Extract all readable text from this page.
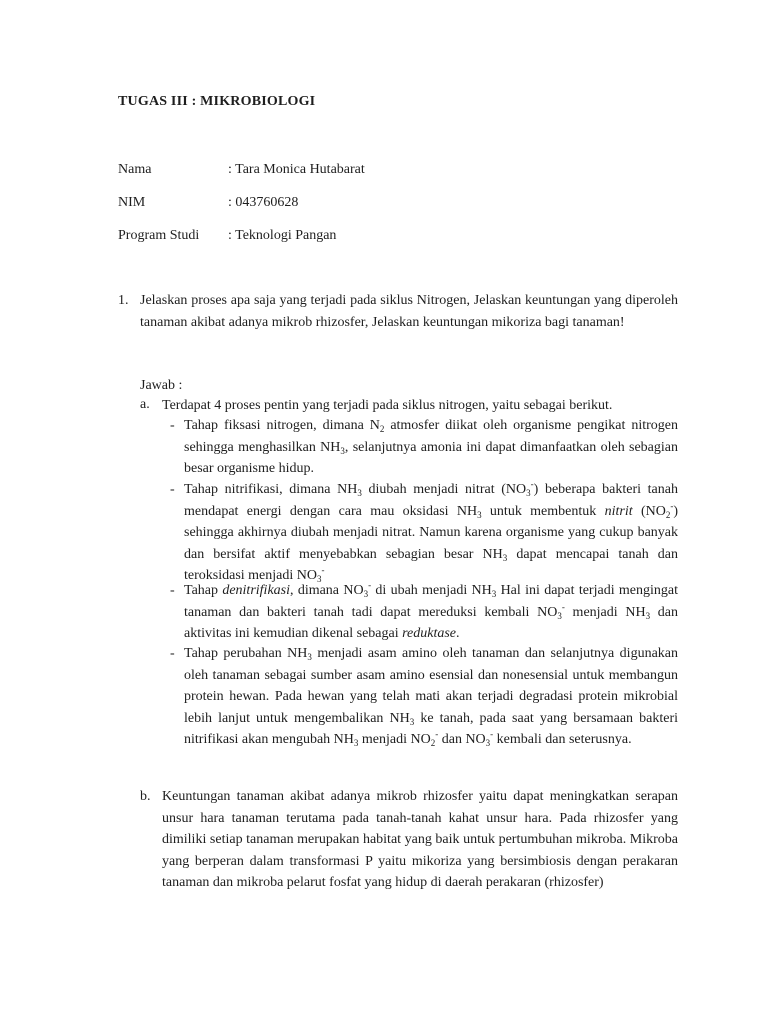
TUGAS III : MIKROBIOLOGI
Nama	: Tara Monica Hutabarat
NIM	: 043760628
Program Studi : Teknologi Pangan
1. Jelaskan proses apa saja yang terjadi pada siklus Nitrogen, Jelaskan keuntungan yang diperoleh tanaman akibat adanya mikrob rhizosfer, Jelaskan keuntungan mikoriza bagi tanaman!
Jawab :
a. Terdapat 4 proses pentin yang terjadi pada siklus nitrogen, yaitu sebagai berikut.
- Tahap fiksasi nitrogen, dimana $N_2$ atmosfer diikat oleh organisme pengikat nitrogen sehingga menghasilkan $NH_3$, selanjutnya amonia ini dapat dimanfaatkan oleh sebagian besar organisme hidup.
- Tahap nitrifikasi, dimana $NH_3$ diubah menjadi nitrat $(NO_3^-)$ beberapa bakteri tanah mendapat energi dengan cara mau oksidasi $NH_3$ untuk membentuk nitrit $(NO_2^-)$ sehingga akhirnya diubah menjadi nitrat. Namun karena organisme yang cukup banyak dan bersifat aktif menyebabkan sebagian besar $NH_3$ dapat mencapai tanah dan teroksidasi menjadi $NO_3^-$
- Tahap denitrifikasi, dimana $NO_3^-$ di ubah menjadi $NH_3$ Hal ini dapat terjadi mengingat tanaman dan bakteri tanah tadi dapat mereduksi kembali $NO_3^-$ menjadi $NH_3$ dan aktivitas ini kemudian dikenal sebagai reduktase.
- Tahap perubahan $NH_3$ menjadi asam amino oleh tanaman dan selanjutnya digunakan oleh tanaman sebagai sumber asam amino esensial dan nonesensial untuk membangun protein hewan. Pada hewan yang telah mati akan terjadi degradasi protein mikrobial lebih lanjut untuk mengembalikan $NH_3$ ke tanah, pada saat yang bersamaan bakteri nitrifikasi akan mengubah $NH_3$ menjadi $NO_2^-$ dan $NO_3^-$ kembali dan seterusnya.
b. Keuntungan tanaman akibat adanya mikrob rhizosfer yaitu dapat meningkatkan serapan unsur hara tanaman terutama pada tanah-tanah kahat unsur hara. Pada rhizosfer yang dimiliki setiap tanaman merupakan habitat yang baik untuk pertumbuhan mikroba. Mikroba yang berperan dalam transformasi P yaitu mikoriza yang bersimbiosis dengan perakaran tanaman dan mikroba pelarut fosfat yang hidup di daerah perakaran (rhizosfer)
